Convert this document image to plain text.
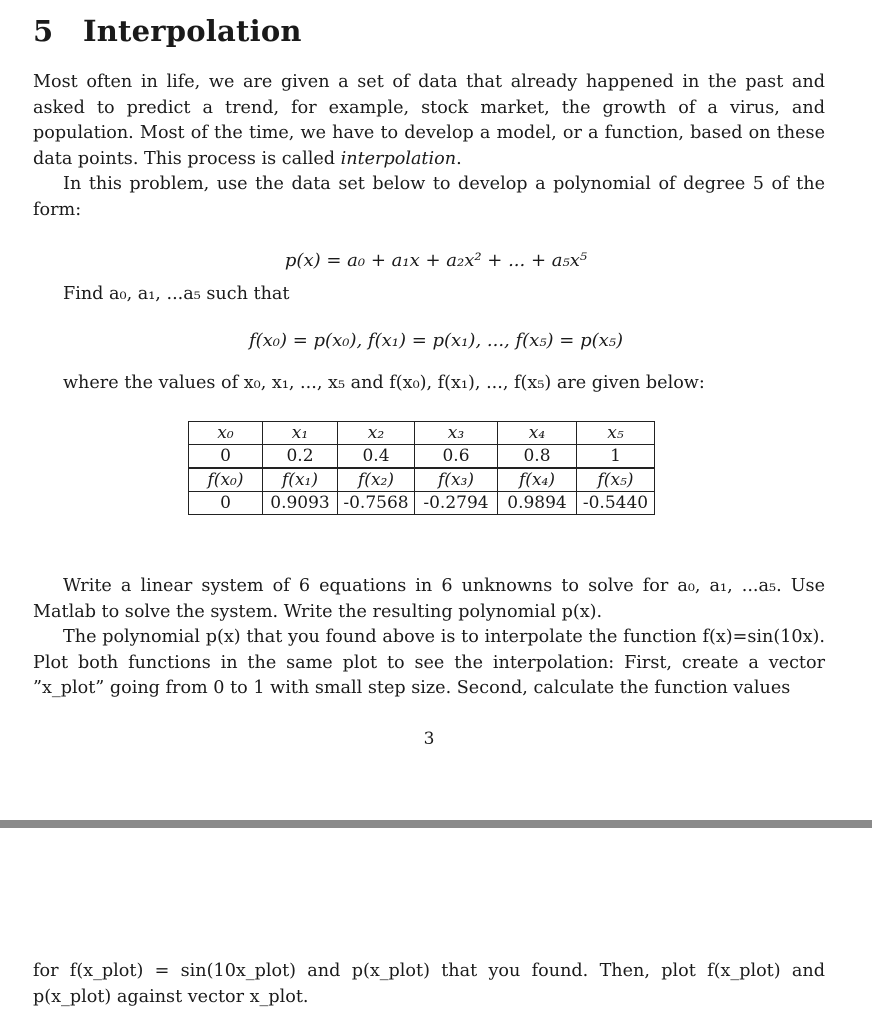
5 Interpolation

Most often in life, we are given a set of data that already happened in the past and asked to predict a trend, for example, stock market, the growth of a virus, and population. Most of the time, we have to develop a model, or a function, based on these data points. This process is called interpolation.

In this problem, use the data set below to develop a polynomial of degree 5 of the form:

p(x) = a₀ + a₁x + a₂x² + ... + a₅x⁵
Find a₀, a₁, ...a₅ such that
f(x₀) = p(x₀), f(x₁) = p(x₁), ..., f(x₅) = p(x₅)
where the values of x₀, x₁, ..., x₅ and f(x₀), f(x₁), ..., f(x₅) are given below:
x₀	x₁	x₂	x₃	x₄	x₅
0	0.2	0.4	0.6	0.8	1
f(x₀)	f(x₁)	f(x₂)	f(x₃)	f(x₄)	f(x₅)
0	0.9093	-0.7568	-0.2794	0.9894	-0.5440

Write a linear system of 6 equations in 6 unknowns to solve for a₀, a₁, ...a₅. Use Matlab to solve the system. Write the resulting polynomial p(x).

The polynomial p(x) that you found above is to interpolate the function f(x)=sin(10x). Plot both functions in the same plot to see the interpolation: First, create a vector ”x_plot” going from 0 to 1 with small step size. Second, calculate the function values

3

for f(x_plot) = sin(10x_plot) and p(x_plot) that you found. Then, plot f(x_plot) and p(x_plot) against vector x_plot.
